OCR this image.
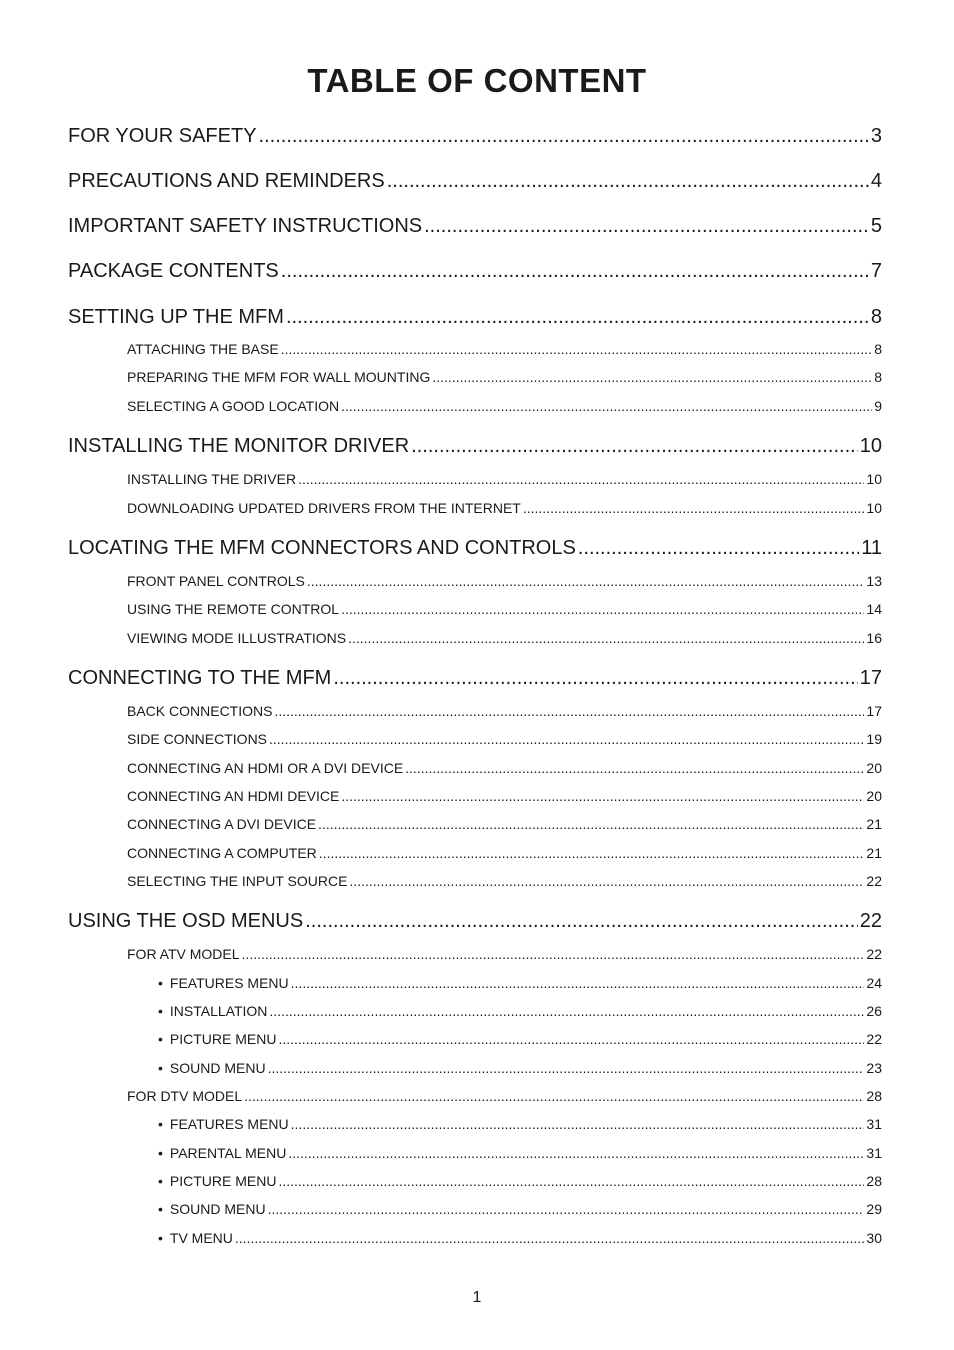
TABLE OF CONTENT
FOR YOUR SAFETY .....	3
PRECAUTIONS AND REMINDERS .....	4
IMPORTANT SAFETY INSTRUCTIONS .....	5
PACKAGE CONTENTS .....	7
SETTING UP THE MFM .....	8
ATTACHING THE BASE .....	8
PREPARING THE MFM FOR WALL MOUNTING .....	8
SELECTING A GOOD LOCATION .....	9
INSTALLING THE MONITOR DRIVER .....	10
INSTALLING THE DRIVER .....	10
DOWNLOADING UPDATED DRIVERS FROM THE INTERNET .....	10
LOCATING THE MFM CONNECTORS AND CONTROLS .....	11
FRONT PANEL CONTROLS .....	13
USING THE REMOTE CONTROL .....	14
VIEWING MODE ILLUSTRATIONS .....	16
CONNECTING TO THE MFM .....	17
BACK CONNECTIONS .....	17
SIDE CONNECTIONS .....	19
CONNECTING AN HDMI OR A DVI DEVICE .....	20
CONNECTING AN HDMI DEVICE .....	20
CONNECTING A DVI DEVICE .....	21
CONNECTING A COMPUTER .....	21
SELECTING THE INPUT SOURCE .....	22
USING THE OSD MENUS .....	22
FOR ATV MODEL .....	22
• FEATURES MENU .....	24
• INSTALLATION .....	26
• PICTURE MENU .....	22
• SOUND MENU .....	23
FOR DTV MODEL .....	28
• FEATURES MENU .....	31
• PARENTAL MENU .....	31
• PICTURE MENU .....	28
• SOUND MENU .....	29
• TV MENU .....	30
1
